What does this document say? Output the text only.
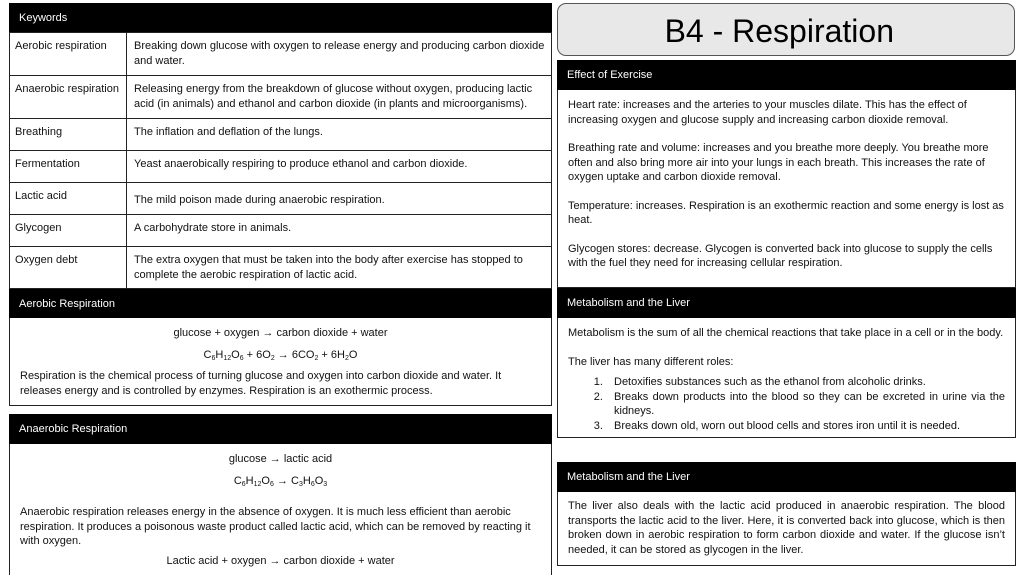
Keywords
Aerobic respiration	Breaking down glucose with oxygen to release energy and producing carbon dioxide and water.
Anaerobic respiration	Releasing energy from the breakdown of glucose without oxygen, producing lactic acid (in animals) and ethanol and carbon dioxide (in plants and microorganisms).
Breathing	The inflation and deflation of the lungs.
Fermentation	Yeast anaerobically respiring to produce ethanol and carbon dioxide.
Lactic acid	The mild poison made during anaerobic respiration.
Glycogen	A carbohydrate store in animals.
Oxygen debt	The extra oxygen that must be taken into the body after exercise has stopped to complete the aerobic respiration of lactic acid.
Aerobic Respiration

glucose + oxygen → carbon dioxide + water

$C_6H_{12}O_6 + 6O_2 \to 6CO_2 + 6H_2O$

Respiration is the chemical process of turning glucose and oxygen into carbon dioxide and water. It releases energy and is controlled by enzymes. Respiration is an exothermic process.

Anaerobic Respiration

glucose → lactic acid

$C_6H_{12}O_6 \to C_3H_6O_3$

Anaerobic respiration releases energy in the absence of oxygen. It is much less efficient than aerobic respiration. It produces a poisonous waste product called lactic acid, which can be removed by reacting it with oxygen.

Lactic acid + oxygen → carbon dioxide + water

B4 - Respiration
Effect of Exercise

Heart rate: increases and the arteries to your muscles dilate. This has the effect of increasing oxygen and glucose supply and increasing carbon dioxide removal.

Breathing rate and volume: increases and you breathe more deeply. You breathe more often and also bring more air into your lungs in each breath. This increases the rate of oxygen uptake and carbon dioxide removal.

Temperature: increases. Respiration is an exothermic reaction and some energy is lost as heat.

Glycogen stores: decrease. Glycogen is converted back into glucose to supply the cells with the fuel they need for increasing cellular respiration.

Metabolism and the Liver

Metabolism is the sum of all the chemical reactions that take place in a cell or in the body.

The liver has many different roles:

1. Detoxifies substances such as the ethanol from alcoholic drinks.
2. Breaks down products into the blood so they can be excreted in urine via the kidneys.
3. Breaks down old, worn out blood cells and stores iron until it is needed.
Metabolism and the Liver

The liver also deals with the lactic acid produced in anaerobic respiration. The blood transports the lactic acid to the liver. Here, it is converted back into glucose, which is then broken down in aerobic respiration to form carbon dioxide and water. If the glucose isn’t needed, it can be stored as glycogen in the liver.
